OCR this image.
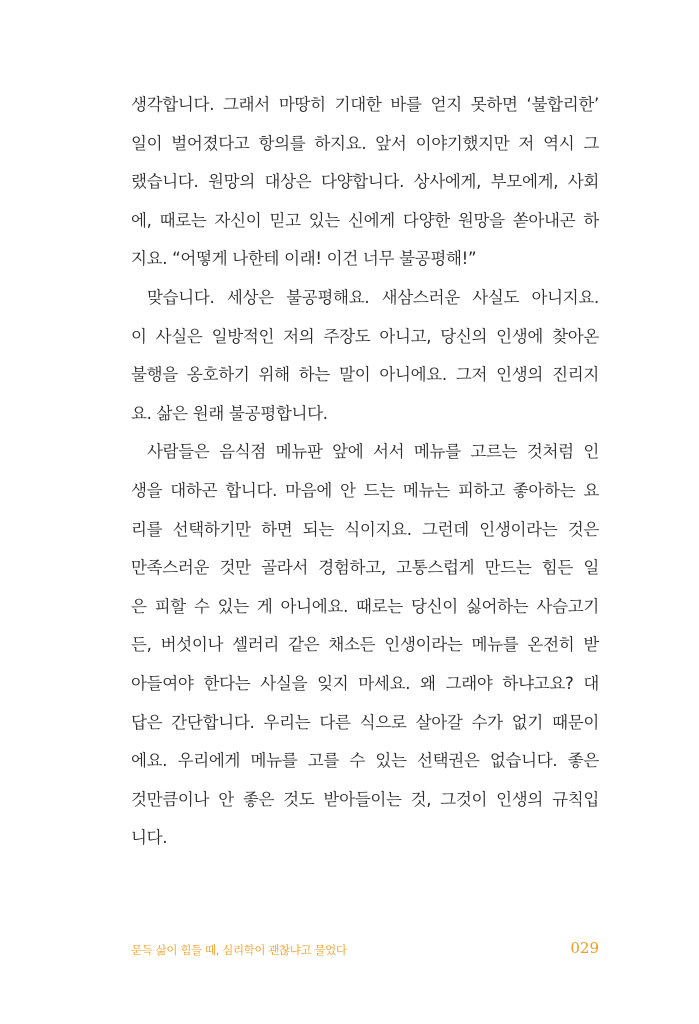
생각합니다. 그래서 마땅히 기대한 바를 얻지 못하면 ‘불합리한’
일이 벌어졌다고 항의를 하지요. 앞서 이야기했지만 저 역시 그
랬습니다. 원망의 대상은 다양합니다. 상사에게, 부모에게, 사회
에, 때로는 자신이 믿고 있는 신에게 다양한 원망을 쏟아내곤 하
지요. “어떻게 나한테 이래! 이건 너무 불공평해!”
맞습니다. 세상은 불공평해요. 새삼스러운 사실도 아니지요.
이 사실은 일방적인 저의 주장도 아니고, 당신의 인생에 찾아온
불행을 옹호하기 위해 하는 말이 아니에요. 그저 인생의 진리지
요. 삶은 원래 불공평합니다.
사람들은 음식점 메뉴판 앞에 서서 메뉴를 고르는 것처럼 인
생을 대하곤 합니다. 마음에 안 드는 메뉴는 피하고 좋아하는 요
리를 선택하기만 하면 되는 식이지요. 그런데 인생이라는 것은
만족스러운 것만 골라서 경험하고, 고통스럽게 만드는 힘든 일
은 피할 수 있는 게 아니에요. 때로는 당신이 싫어하는 사슴고기
든, 버섯이나 셀러리 같은 채소든 인생이라는 메뉴를 온전히 받
아들여야 한다는 사실을 잊지 마세요. 왜 그래야 하냐고요? 대
답은 간단합니다. 우리는 다른 식으로 살아갈 수가 없기 때문이
에요. 우리에게 메뉴를 고를 수 있는 선택권은 없습니다. 좋은
것만큼이나 안 좋은 것도 받아들이는 것, 그것이 인생의 규칙입
니다.
문득 삶이 힘들 때, 심리학이 괜찮냐고 물었다	029
